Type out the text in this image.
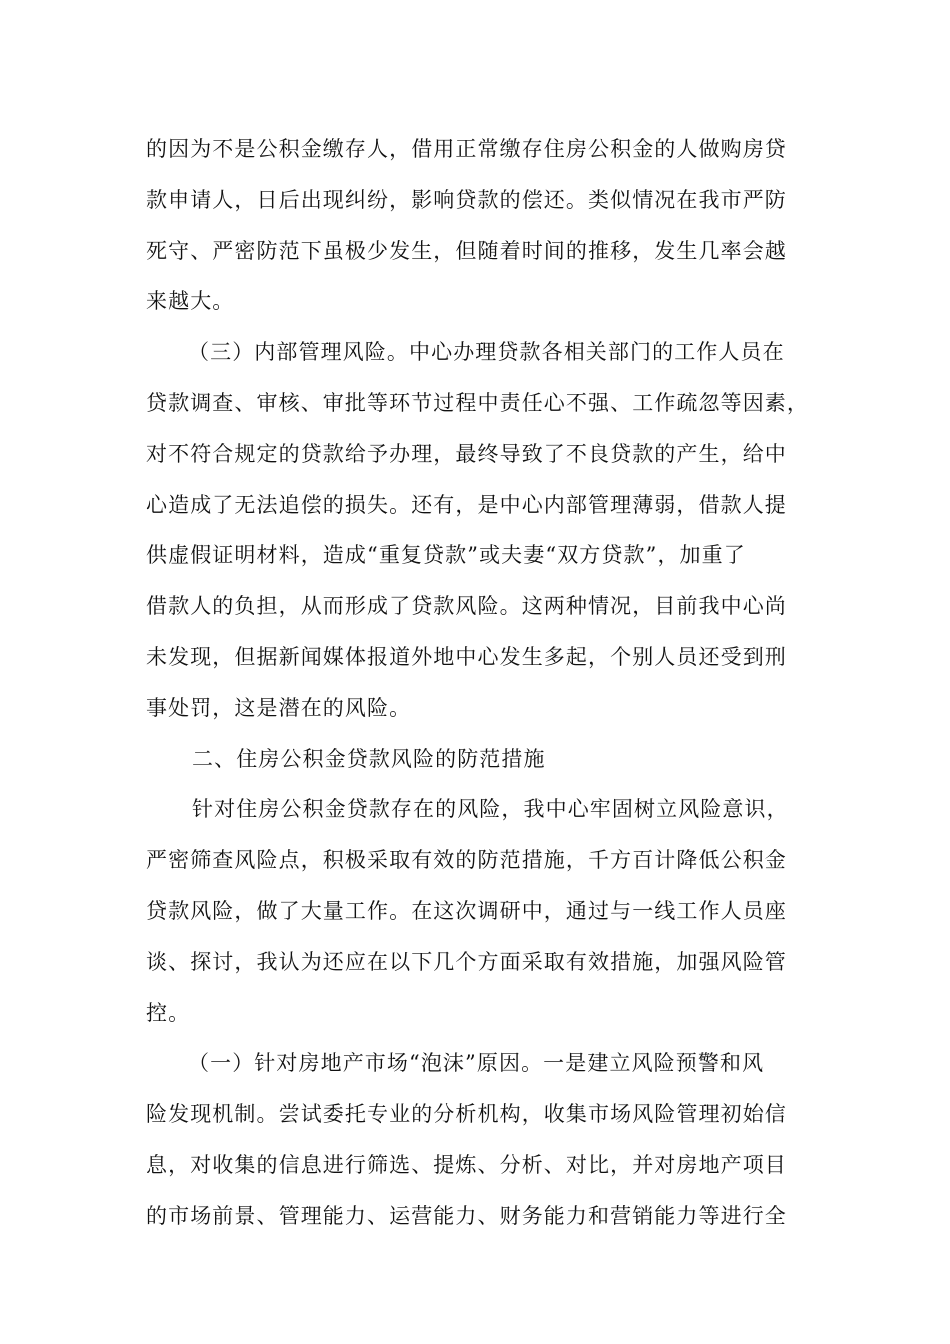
的因为不是公积金缴存人，借用正常缴存住房公积金的人做购房贷
款申请人，日后出现纠纷，影响贷款的偿还。类似情况在我市严防
死守、严密防范下虽极少发生，但随着时间的推移，发生几率会越
来越大。
（三）内部管理风险。中心办理贷款各相关部门的工作人员在
贷款调查、审核、审批等环节过程中责任心不强、工作疏忽等因素，
对不符合规定的贷款给予办理，最终导致了不良贷款的产生，给中
心造成了无法追偿的损失。还有，是中心内部管理薄弱，借款人提
供虚假证明材料，造成“重复贷款”或夫妻“双方贷款”，加重了
借款人的负担，从而形成了贷款风险。这两种情况，目前我中心尚
未发现，但据新闻媒体报道外地中心发生多起，个别人员还受到刑
事处罚，这是潜在的风险。
二、住房公积金贷款风险的防范措施
针对住房公积金贷款存在的风险，我中心牢固树立风险意识，
严密筛查风险点，积极采取有效的防范措施，千方百计降低公积金
贷款风险，做了大量工作。在这次调研中，通过与一线工作人员座
谈、探讨，我认为还应在以下几个方面采取有效措施，加强风险管
控。
（一）针对房地产市场“泡沫”原因。一是建立风险预警和风
险发现机制。尝试委托专业的分析机构，收集市场风险管理初始信
息，对收集的信息进行筛选、提炼、分析、对比，并对房地产项目
的市场前景、管理能力、运营能力、财务能力和营销能力等进行全
